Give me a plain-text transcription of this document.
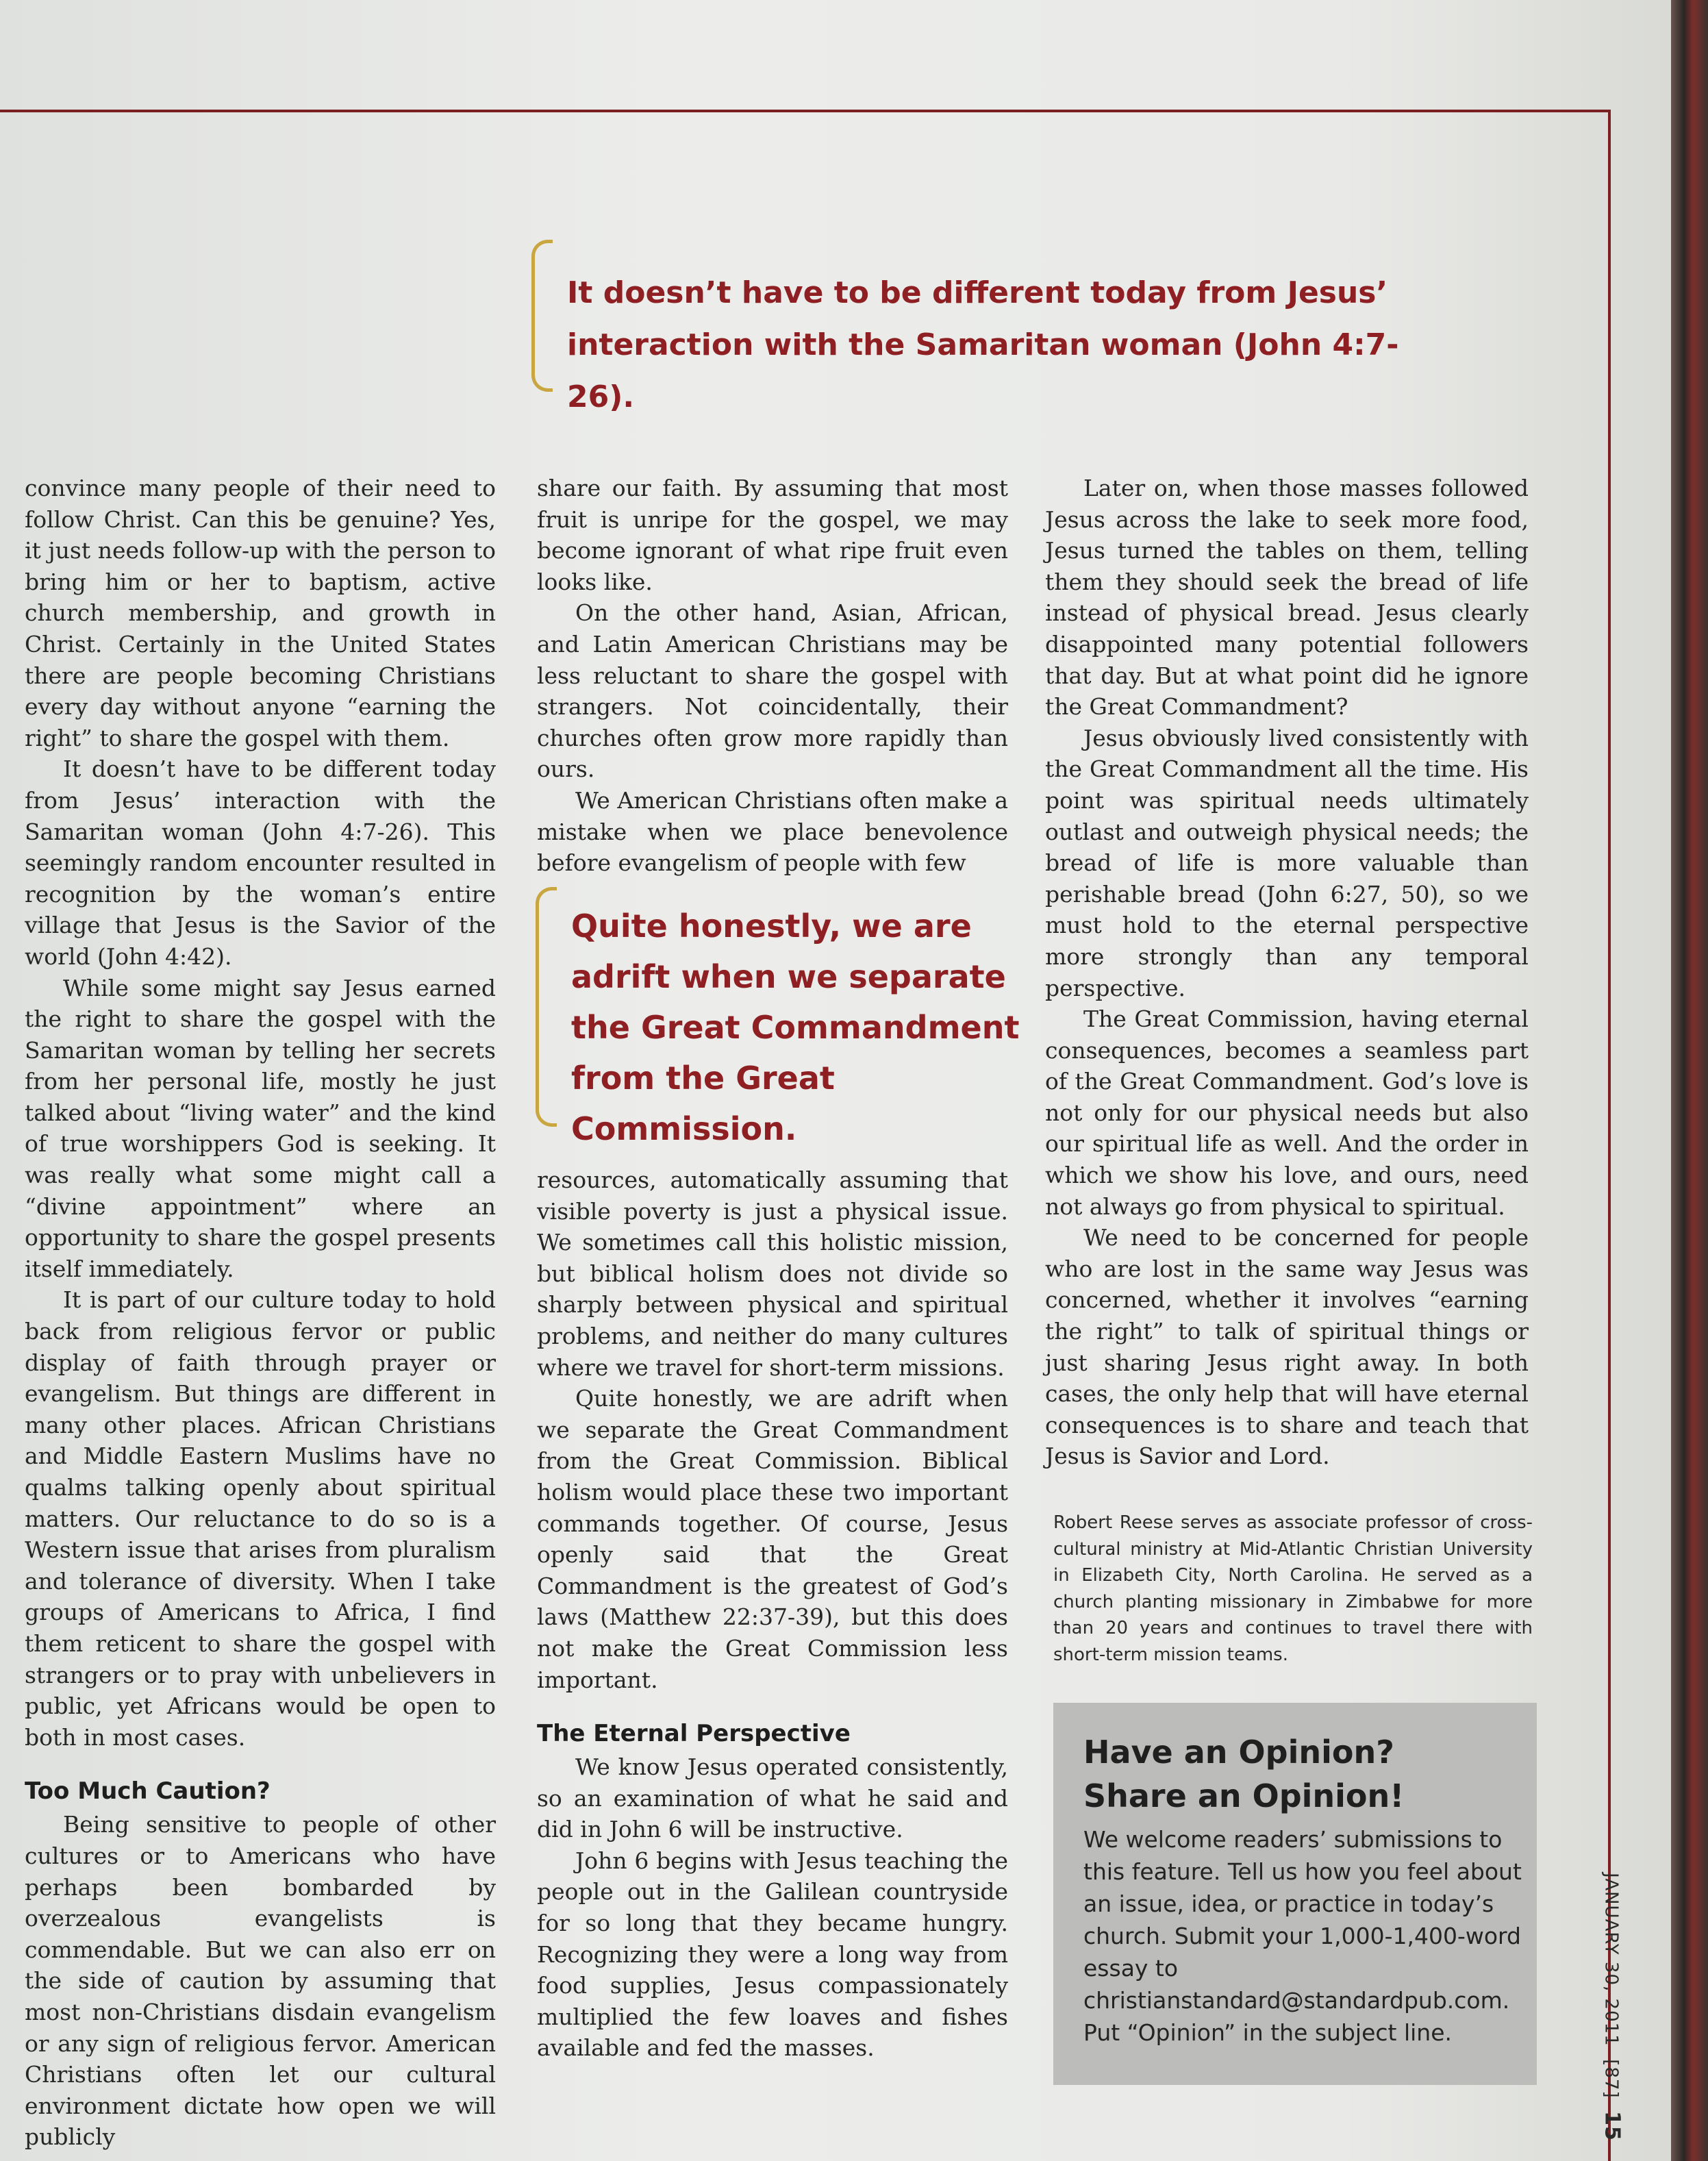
It doesn’t have to be different today from Jesus’ interaction with the Samaritan woman (John 4:7-26).
Quite honestly, we are adrift when we separate the Great Commandment from the Great Commission.

convince many people of their need to follow Christ. Can this be genuine? Yes, it just needs follow-up with the person to bring him or her to baptism, active church membership, and growth in Christ. Certainly in the United States there are people becoming Christians every day without anyone “earning the right” to share the gospel with them.

It doesn’t have to be different today from Jesus’ interaction with the Samaritan woman (John 4:7-26). This seemingly random encounter resulted in recognition by the woman’s entire village that Jesus is the Savior of the world (John 4:42).

While some might say Jesus earned the right to share the gospel with the Samaritan woman by telling her secrets from her personal life, mostly he just talked about “living water” and the kind of true worshippers God is seeking. It was really what some might call a “divine appointment” where an opportunity to share the gospel presents itself immediately.

It is part of our culture today to hold back from religious fervor or public display of faith through prayer or evangelism. But things are different in many other places. African Christians and Middle Eastern Muslims have no qualms talking openly about spiritual matters. Our reluctance to do so is a Western issue that arises from pluralism and tolerance of diversity. When I take groups of Americans to Africa, I find them reticent to share the gospel with strangers or to pray with unbelievers in public, yet Africans would be open to both in most cases.

Too Much Caution?

Being sensitive to people of other cultures or to Americans who have perhaps been bombarded by overzealous evangelists is commendable. But we can also err on the side of caution by assuming that most non-Christians disdain evangelism or any sign of religious fervor. American Christians often let our cultural environment dictate how open we will publicly

share our faith. By assuming that most fruit is unripe for the gospel, we may become ignorant of what ripe fruit even looks like.

On the other hand, Asian, African, and Latin American Christians may be less reluctant to share the gospel with strangers. Not coincidentally, their churches often grow more rapidly than ours.

We American Christians often make a mistake when we place benevolence before evangelism of people with few

resources, automatically assuming that visible poverty is just a physical issue. We sometimes call this holistic mission, but biblical holism does not divide so sharply between physical and spiritual problems, and neither do many cultures where we travel for short-term missions.

Quite honestly, we are adrift when we separate the Great Commandment from the Great Commission. Biblical holism would place these two important commands together. Of course, Jesus openly said that the Great Commandment is the greatest of God’s laws (Matthew 22:37-39), but this does not make the Great Commission less important.

The Eternal Perspective

We know Jesus operated consistently, so an examination of what he said and did in John 6 will be instructive.

John 6 begins with Jesus teaching the people out in the Galilean countryside for so long that they became hungry. Recognizing they were a long way from food supplies, Jesus compassionately multiplied the few loaves and fishes available and fed the masses.

Later on, when those masses followed Jesus across the lake to seek more food, Jesus turned the tables on them, telling them they should seek the bread of life instead of physical bread. Jesus clearly disappointed many potential followers that day. But at what point did he ignore the Great Commandment?

Jesus obviously lived consistently with the Great Commandment all the time. His point was spiritual needs ultimately outlast and outweigh physical needs; the bread of life is more valuable than perishable bread (John 6:27, 50), so we must hold to the eternal perspective more strongly than any temporal perspective.

The Great Commission, having eternal consequences, becomes a seamless part of the Great Commandment. God’s love is not only for our physical needs but also our spiritual life as well. And the order in which we show his love, and ours, need not always go from physical to spiritual.

We need to be concerned for people who are lost in the same way Jesus was concerned, whether it involves “earning the right” to talk of spiritual things or just sharing Jesus right away. In both cases, the only help that will have eternal consequences is to share and teach that Jesus is Savior and Lord.

Robert Reese serves as associate professor of cross-cultural ministry at Mid-Atlantic Christian University in Elizabeth City, North Carolina. He served as a church planting missionary in Zimbabwe for more than 20 years and continues to travel there with short-term mission teams.
Have an Opinion?
Share an Opinion!
We welcome readers’ submissions to this feature. Tell us how you feel about an issue, idea, or practice in today’s church. Submit your 1,000-1,400-word essay to christianstandard@standardpub.com. Put “Opinion” in the subject line.	JANUARY 30, 2011  [87]  15
